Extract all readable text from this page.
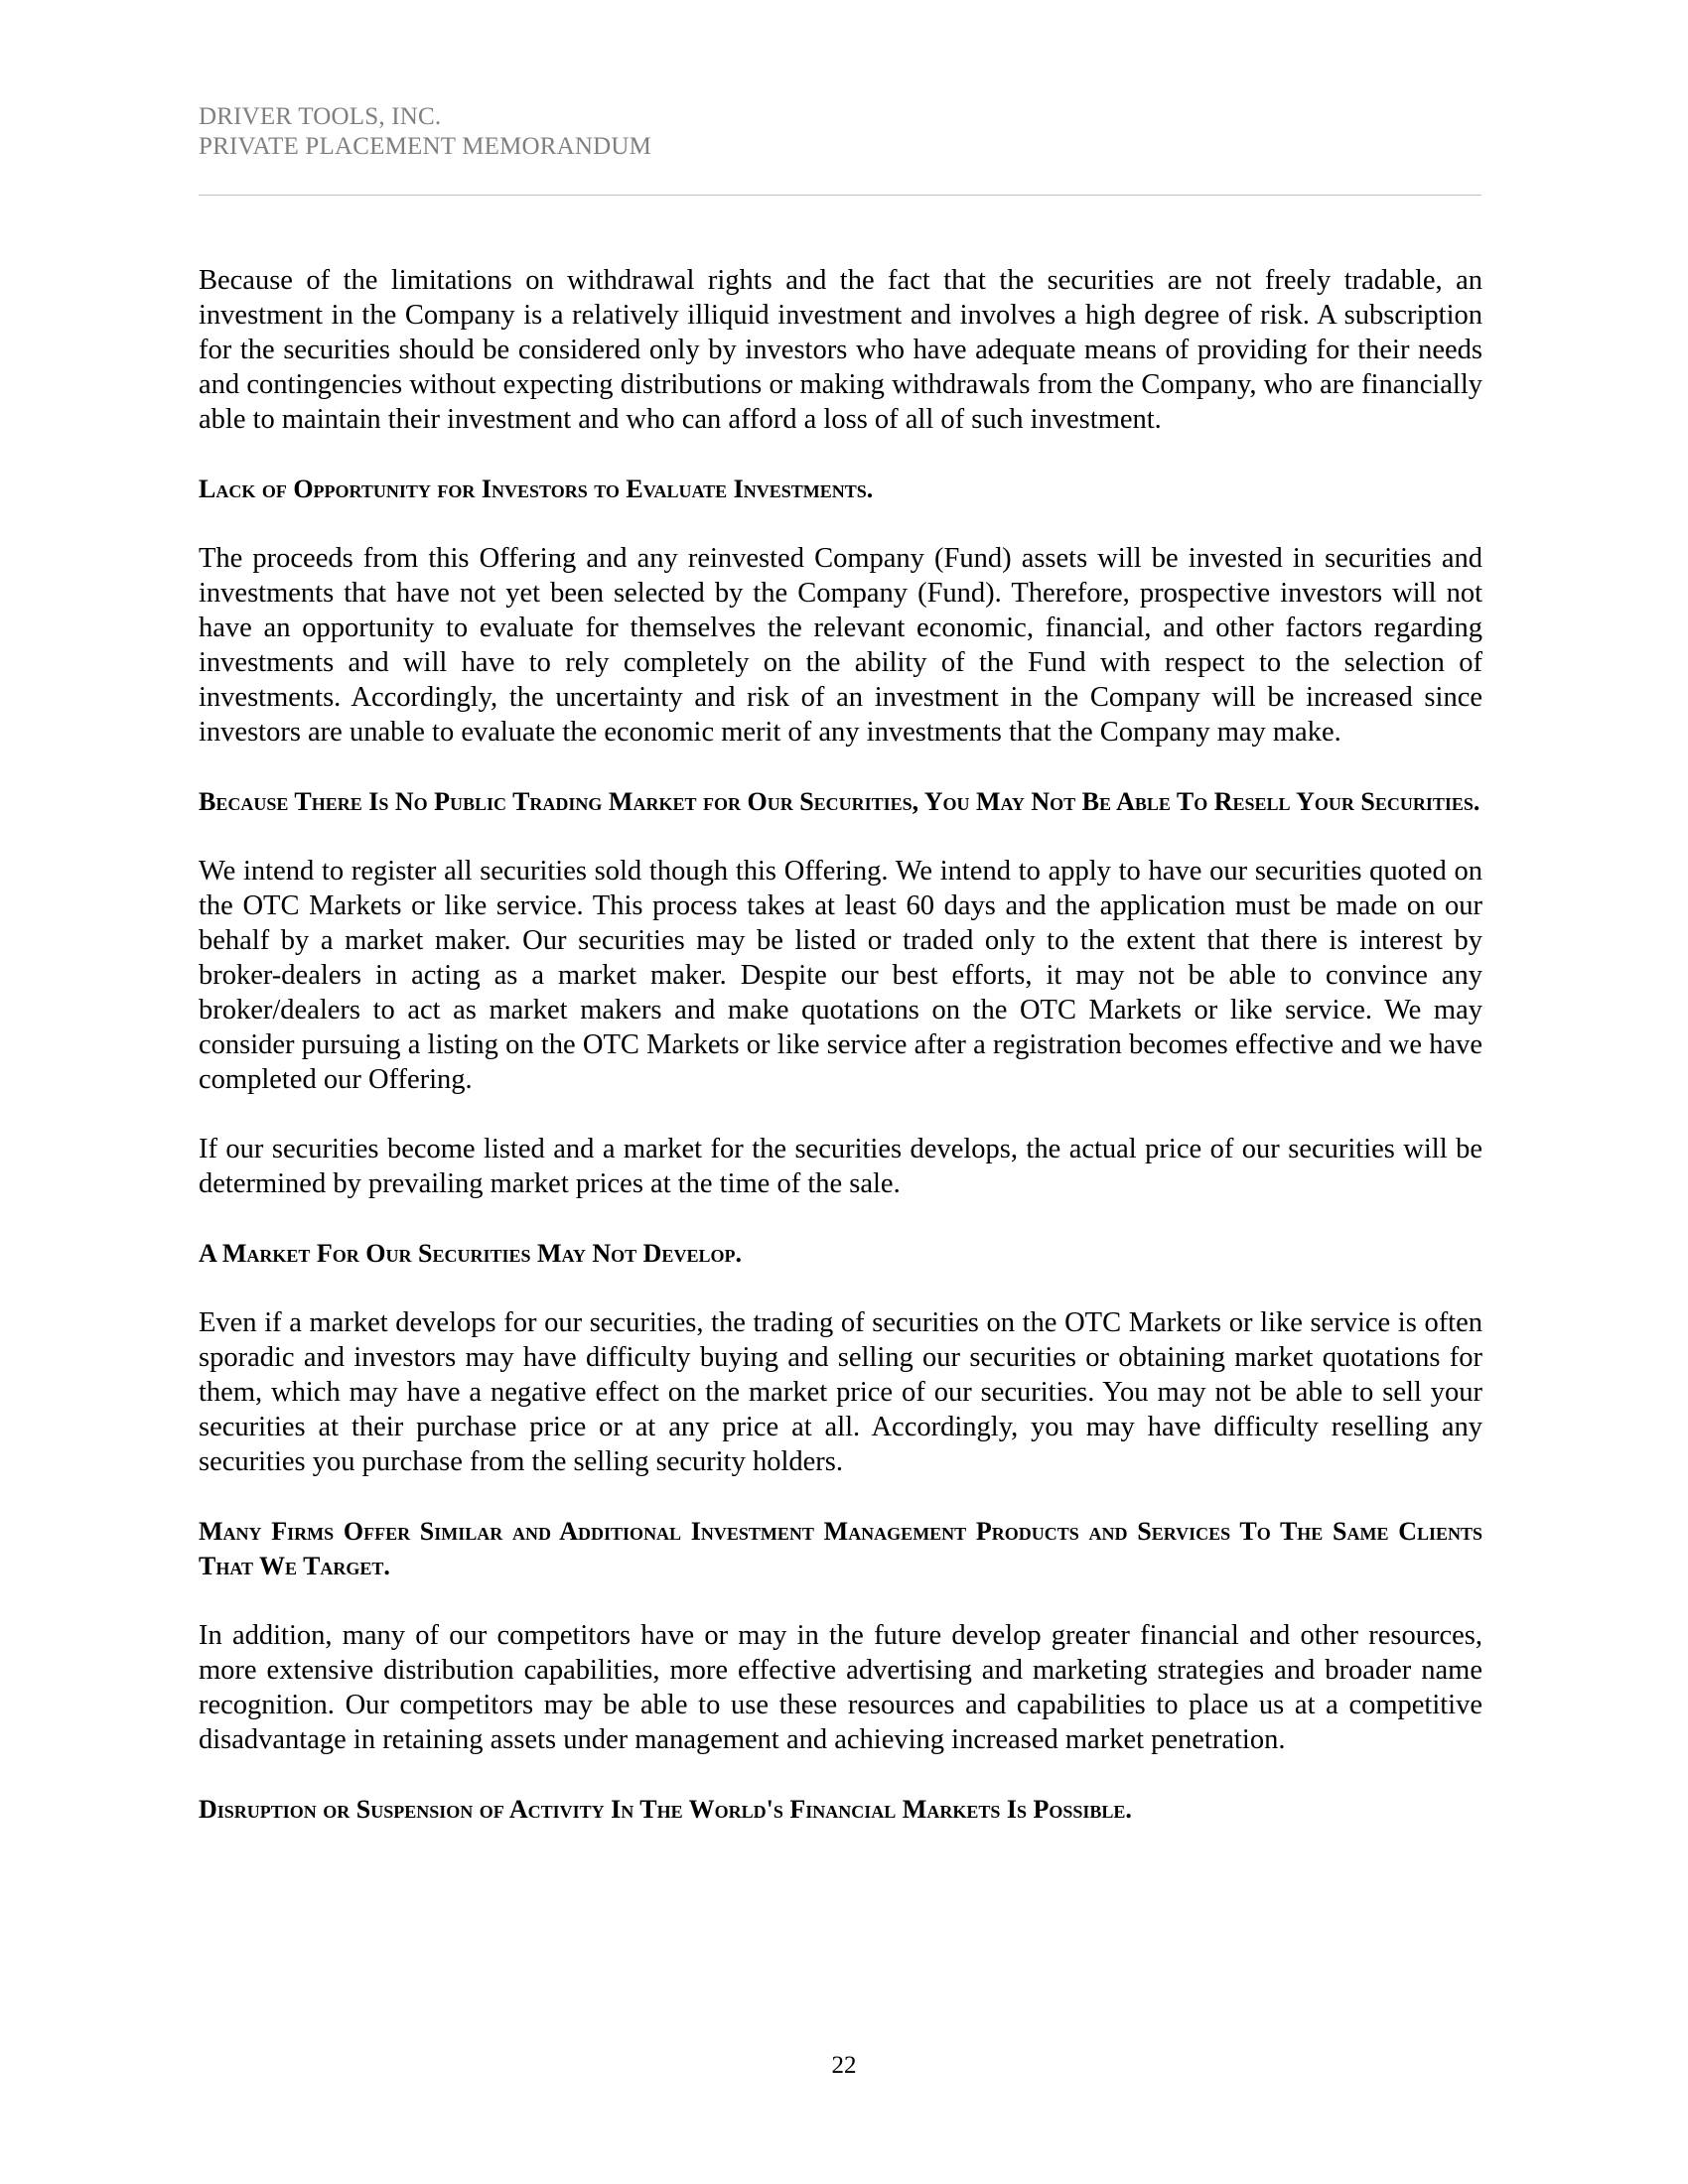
DRIVER TOOLS, INC.
PRIVATE PLACEMENT MEMORANDUM

Because of the limitations on withdrawal rights and the fact that the securities are not freely tradable, an investment in the Company is a relatively illiquid investment and involves a high degree of risk. A subscription for the securities should be considered only by investors who have adequate means of providing for their needs and contingencies without expecting distributions or making withdrawals from the Company, who are financially able to maintain their investment and who can afford a loss of all of such investment.

Lack of Opportunity for Investors to Evaluate Investments.

The proceeds from this Offering and any reinvested Company (Fund) assets will be invested in securities and investments that have not yet been selected by the Company (Fund). Therefore, prospective investors will not have an opportunity to evaluate for themselves the relevant economic, financial, and other factors regarding investments and will have to rely completely on the ability of the Fund with respect to the selection of investments. Accordingly, the uncertainty and risk of an investment in the Company will be increased since investors are unable to evaluate the economic merit of any investments that the Company may make.

Because There Is No Public Trading Market for Our Securities, You May Not Be Able To Resell Your Securities.

We intend to register all securities sold though this Offering. We intend to apply to have our securities quoted on the OTC Markets or like service. This process takes at least 60 days and the application must be made on our behalf by a market maker. Our securities may be listed or traded only to the extent that there is interest by broker-dealers in acting as a market maker. Despite our best efforts, it may not be able to convince any broker/dealers to act as market makers and make quotations on the OTC Markets or like service. We may consider pursuing a listing on the OTC Markets or like service after a registration becomes effective and we have completed our Offering.

If our securities become listed and a market for the securities develops, the actual price of our securities will be determined by prevailing market prices at the time of the sale.

A Market For Our Securities May Not Develop.

Even if a market develops for our securities, the trading of securities on the OTC Markets or like service is often sporadic and investors may have difficulty buying and selling our securities or obtaining market quotations for them, which may have a negative effect on the market price of our securities. You may not be able to sell your securities at their purchase price or at any price at all. Accordingly, you may have difficulty reselling any securities you purchase from the selling security holders.

Many Firms Offer Similar and Additional Investment Management Products and Services To The Same Clients That We Target.

In addition, many of our competitors have or may in the future develop greater financial and other resources, more extensive distribution capabilities, more effective advertising and marketing strategies and broader name recognition. Our competitors may be able to use these resources and capabilities to place us at a competitive disadvantage in retaining assets under management and achieving increased market penetration.

Disruption or Suspension of Activity In The World's Financial Markets Is Possible.
22
